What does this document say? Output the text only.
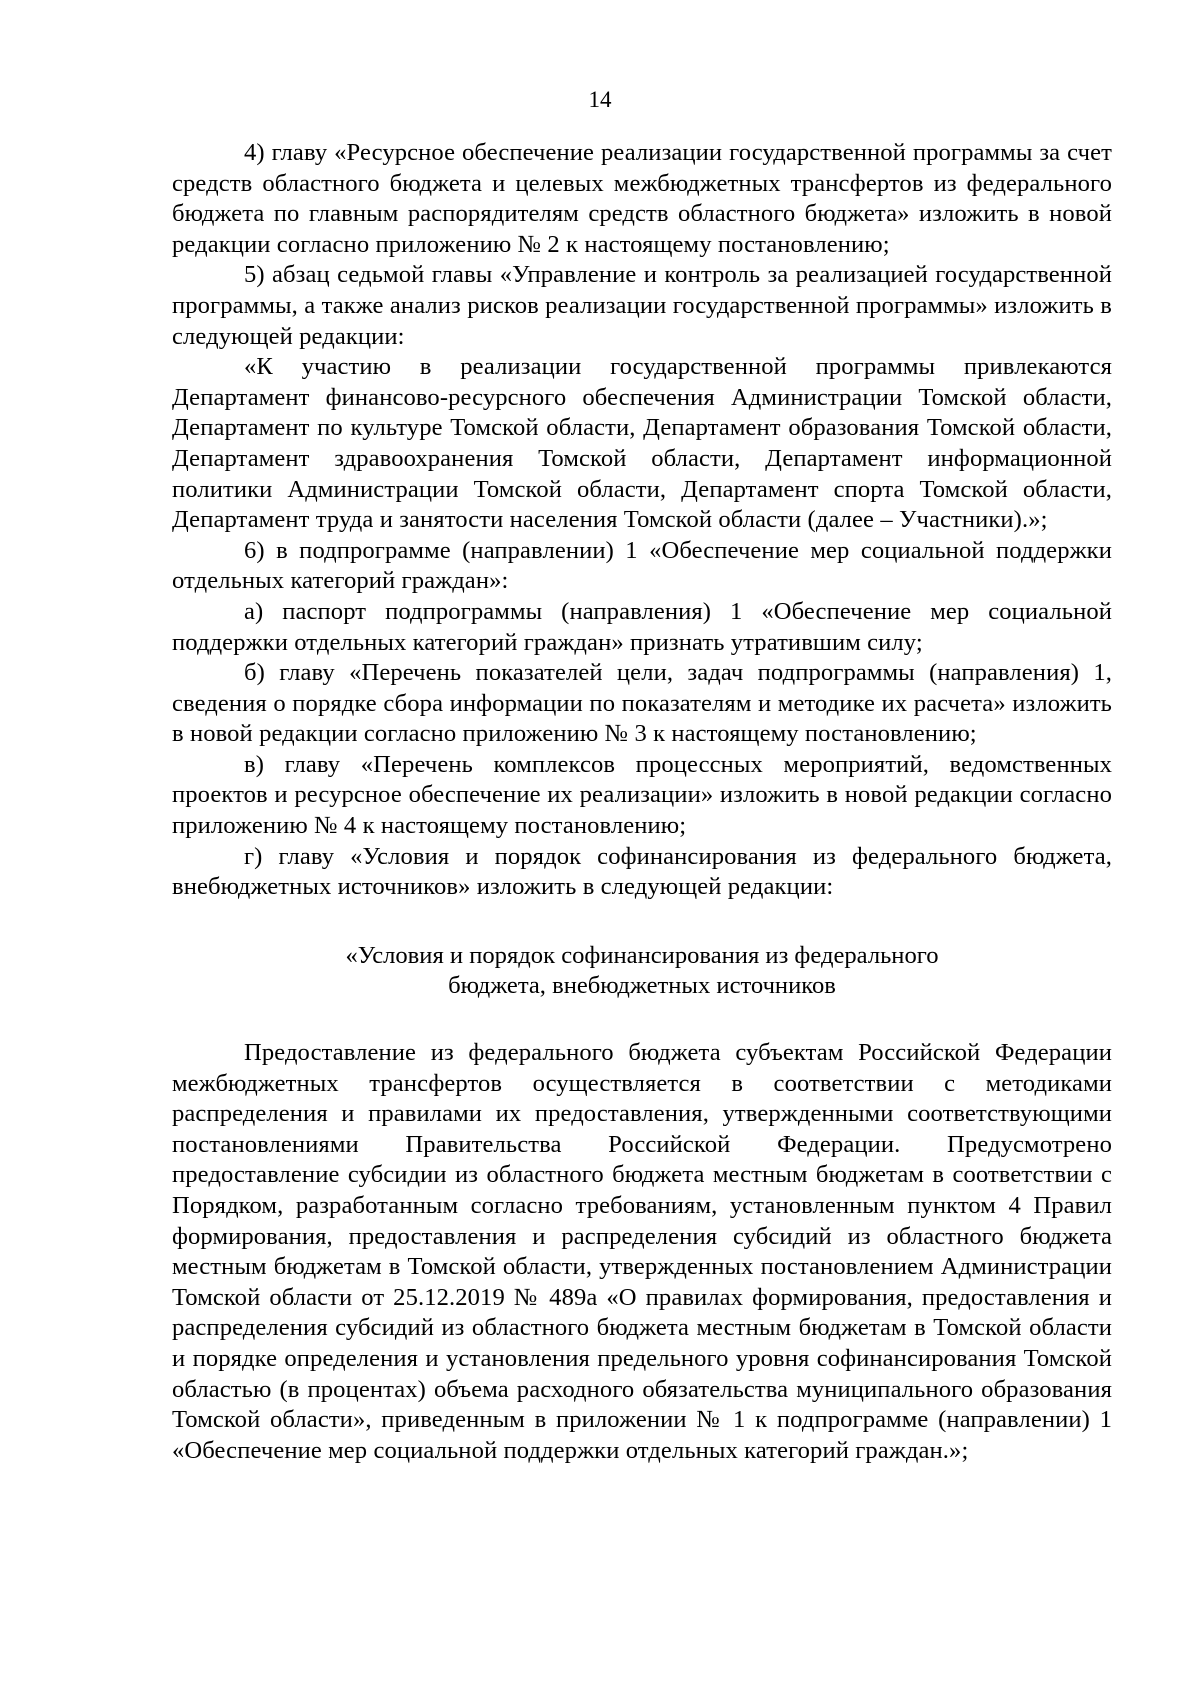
14

4) главу «Ресурсное обеспечение реализации государственной программы за счет средств областного бюджета и целевых межбюджетных трансфертов из федерального бюджета по главным распорядителям средств областного бюджета» изложить в новой редакции согласно приложению № 2 к настоящему постановлению;

5) абзац седьмой главы «Управление и контроль за реализацией государственной программы, а также анализ рисков реализации государственной программы» изложить в следующей редакции:

«К участию в реализации государственной программы привлекаются Департамент финансово-ресурсного обеспечения Администрации Томской области, Департамент по культуре Томской области, Департамент образования Томской области, Департамент здравоохранения Томской области, Департамент информационной политики Администрации Томской области, Департамент спорта Томской области, Департамент труда и занятости населения Томской области (далее – Участники).»;

6) в подпрограмме (направлении) 1 «Обеспечение мер социальной поддержки отдельных категорий граждан»:

а) паспорт подпрограммы (направления) 1 «Обеспечение мер социальной поддержки отдельных категорий граждан» признать утратившим силу;

б) главу «Перечень показателей цели, задач подпрограммы (направления) 1, сведения о порядке сбора информации по показателям и методике их расчета» изложить в новой редакции согласно приложению № 3 к настоящему постановлению;

в) главу «Перечень комплексов процессных мероприятий, ведомственных проектов и ресурсное обеспечение их реализации» изложить в новой редакции согласно приложению № 4 к настоящему постановлению;

г) главу «Условия и порядок софинансирования из федерального бюджета, внебюджетных источников» изложить в следующей редакции:

«Условия и порядок софинансирования из федерального
бюджета, внебюджетных источников

Предоставление из федерального бюджета субъектам Российской Федерации межбюджетных трансфертов осуществляется в соответствии с методиками распределения и правилами их предоставления, утвержденными соответствующими постановлениями Правительства Российской Федерации. Предусмотрено предоставление субсидии из областного бюджета местным бюджетам в соответствии с Порядком, разработанным согласно требованиям, установленным пунктом 4 Правил формирования, предоставления и распределения субсидий из областного бюджета местным бюджетам в Томской области, утвержденных постановлением Администрации Томской области от 25.12.2019 № 489а «О правилах формирования, предоставления и распределения субсидий из областного бюджета местным бюджетам в Томской области и порядке определения и установления предельного уровня софинансирования Томской областью (в процентах) объема расходного обязательства муниципального образования Томской области», приведенным в приложении № 1 к подпрограмме (направлении) 1 «Обеспечение мер социальной поддержки отдельных категорий граждан.»;
